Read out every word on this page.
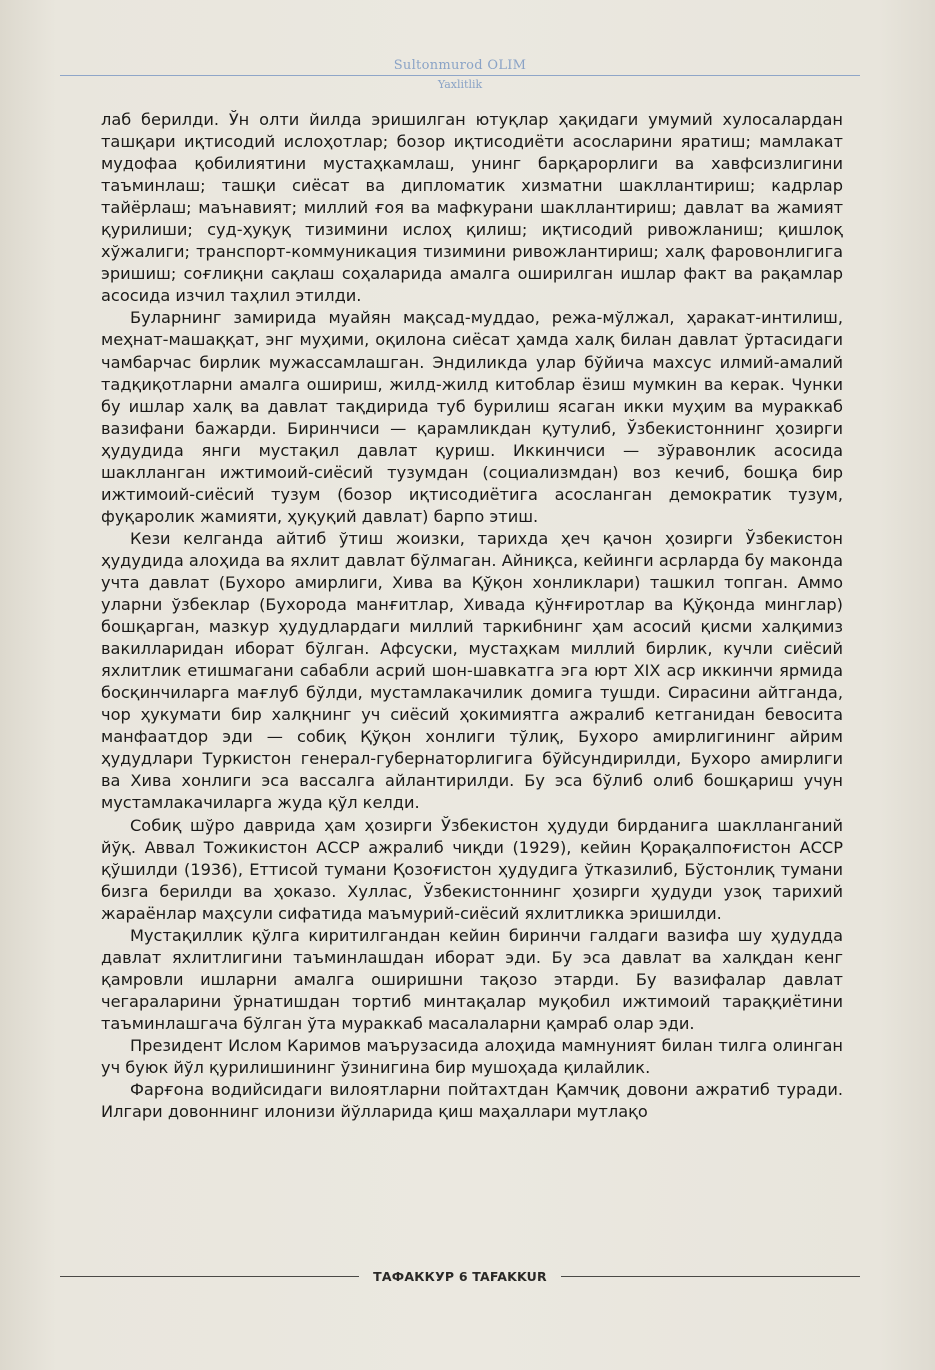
Sultonmurod OLIM
Yaxlitlik

лаб берилди. Ўн олти йилда эришилган ютуқлар ҳақидаги умумий хулосалардан ташқари иқтисодий ислоҳотлар; бозор иқтисодиёти асосларини яратиш; мамлакат мудофаа қобилиятини мустаҳкамлаш, унинг барқарорлиги ва хавфсизлигини таъминлаш; ташқи сиёсат ва дипломатик хизматни шакллантириш; кадрлар тайёрлаш; маънавият; миллий ғоя ва мафкурани шакллантириш; давлат ва жамият қурилиши; суд-ҳуқуқ тизимини ислоҳ қилиш; иқтисодий ривожланиш; қишлоқ хўжалиги; транспорт-коммуникация тизимини ривожлантириш; халқ фаровонлигига эришиш; соғлиқни сақлаш соҳаларида амалга оширилган ишлар факт ва рақамлар асосида изчил таҳлил этилди.

Буларнинг замирида муайян мақсад-муддао, режа-мўлжал, ҳаракат-интилиш, меҳнат-машаққат, энг муҳими, оқилона сиёсат ҳамда халқ билан давлат ўртасидаги чамбарчас бирлик мужассамлашган. Эндиликда улар бўйича махсус илмий-амалий тадқиқотларни амалга ошириш, жилд-жилд китоблар ёзиш мумкин ва керак. Чунки бу ишлар халқ ва давлат тақдирида туб бурилиш ясаган икки муҳим ва мураккаб вазифани бажарди. Биринчиси — қарамликдан қутулиб, Ўзбекистоннинг ҳозирги ҳудудида янги мустақил давлат қуриш. Иккинчиси — зўравонлик асосида шаклланган ижтимоий-сиёсий тузумдан (социализмдан) воз кечиб, бошқа бир ижтимоий-сиёсий тузум (бозор иқтисодиётига асосланган демократик тузум, фуқаролик жамияти, ҳуқуқий давлат) барпо этиш.

Кези келганда айтиб ўтиш жоизки, тарихда ҳеч қачон ҳозирги Ўзбекистон ҳудудида алоҳида ва яхлит давлат бўлмаган. Айниқса, кейинги асрларда бу маконда учта давлат (Бухоро амирлиги, Хива ва Қўқон хонликлари) ташкил топган. Аммо уларни ўзбеклар (Бухорода манғитлар, Хивада қўнғиротлар ва Қўқонда минглар) бошқарган, мазкур ҳудудлардаги миллий таркибнинг ҳам асосий қисми халқимиз вакилларидан иборат бўлган. Афсуски, мустаҳкам миллий бирлик, кучли сиёсий яхлитлик етишмагани сабабли асрий шон-шавкатга эга юрт XIX аср иккинчи ярмида босқинчиларга мағлуб бўлди, мустамлакачилик домига тушди. Сирасини айтганда, чор ҳукумати бир халқнинг уч сиёсий ҳокимиятга ажралиб кетганидан бевосита манфаатдор эди — собиқ Қўқон хонлиги тўлиқ, Бухоро амирлигининг айрим ҳудудлари Туркистон генерал-губернаторлигига бўйсундирилди, Бухоро амирлиги ва Хива хонлиги эса вассалга айлантирилди. Бу эса бўлиб олиб бошқариш учун мустамлакачиларга жуда қўл келди.

Собиқ шўро даврида ҳам ҳозирги Ўзбекистон ҳудуди бирданига шаклланганий йўқ. Аввал Тожикистон АССР ажралиб чиқди (1929), кейин Қорақалпоғистон АССР қўшилди (1936), Еттисой тумани Қозоғистон ҳудудига ўтказилиб, Бўстонлиқ тумани бизга берилди ва ҳоказо. Хуллас, Ўзбекистоннинг ҳозирги ҳудуди узоқ тарихий жараёнлар маҳсули сифатида маъмурий-сиёсий яхлитликка эришилди.

Мустақиллик қўлга киритилгандан кейин биринчи галдаги вазифа шу ҳудудда давлат яхлитлигини таъминлашдан иборат эди. Бу эса давлат ва халқдан кенг қамровли ишларни амалга оширишни тақозо этарди. Бу вазифалар давлат чегараларини ўрнатишдан тортиб минтақалар муқобил ижтимоий тараққиётини таъминлашгача бўлган ўта мураккаб масалаларни қамраб олар эди.

Президент Ислом Каримов маърузасида алоҳида мамнуният билан тилга олинган уч буюк йўл қурилишининг ўзинигина бир мушоҳада қилайлик.

Фарғона водийсидаги вилоятларни пойтахтдан Қамчиқ довони ажратиб туради. Илгари довоннинг илонизи йўлларида қиш маҳаллари мутлақо

ТАФАККУР 6 TAFAKKUR
